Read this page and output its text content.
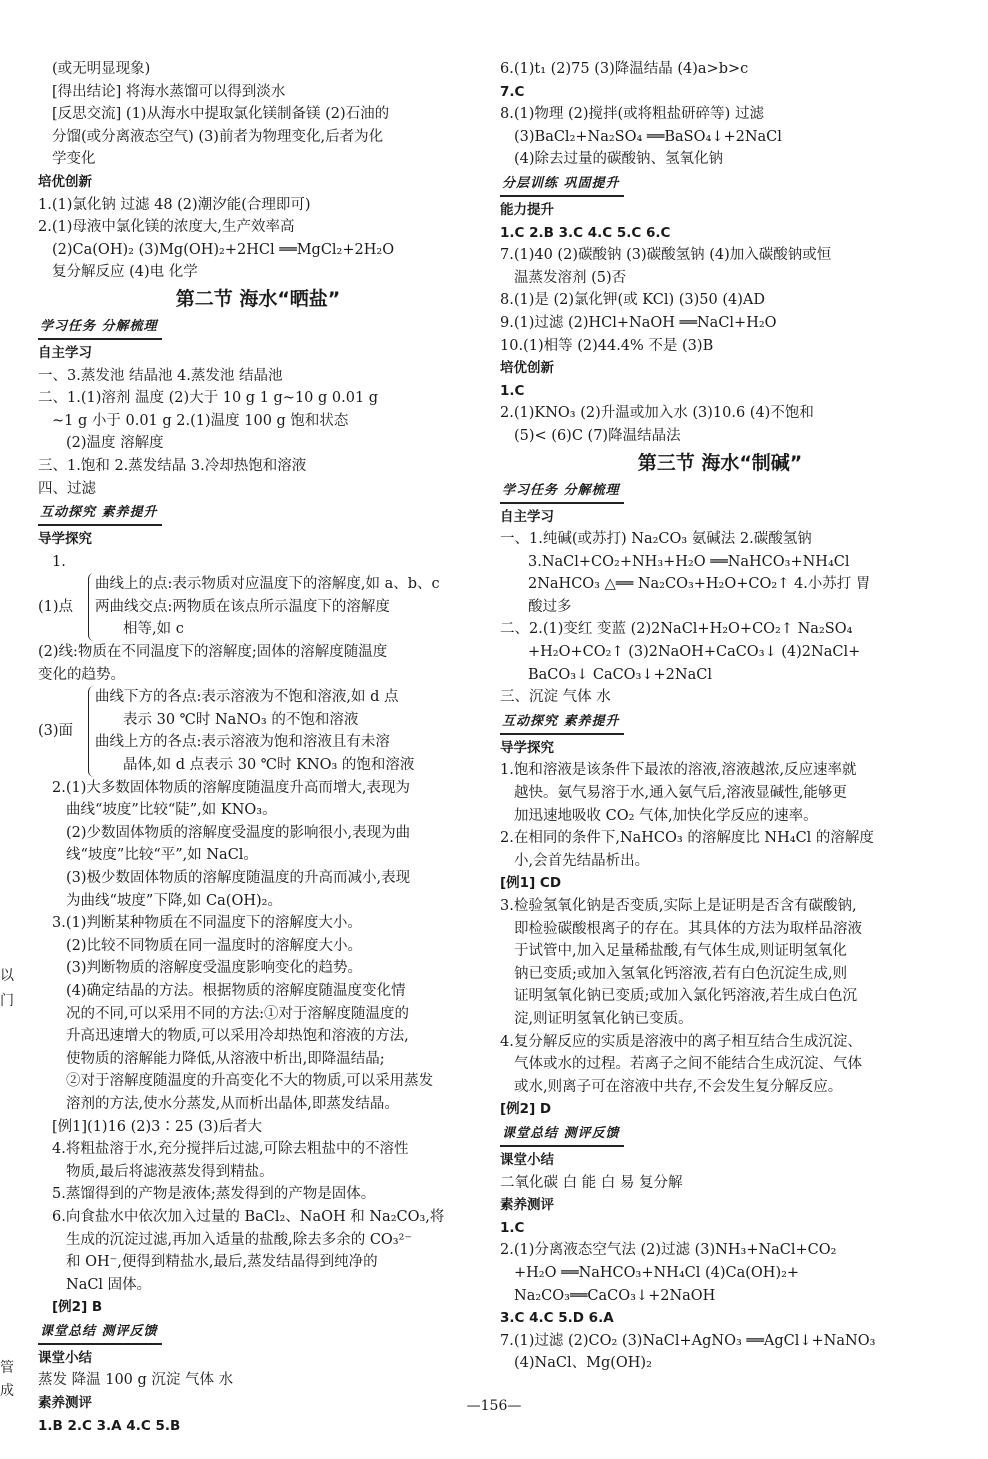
以
门
管
成
(或无明显现象)
[得出结论] 将海水蒸馏可以得到淡水
[反思交流] (1)从海水中提取氯化镁制备镁 (2)石油的
分馏(或分离液态空气) (3)前者为物理变化,后者为化
学变化
培优创新
1.(1)氯化钠 过滤 48 (2)潮汐能(合理即可)
2.(1)母液中氯化镁的浓度大,生产效率高
(2)Ca(OH)₂ (3)Mg(OH)₂+2HCl ══MgCl₂+2H₂O
复分解反应 (4)电 化学
第二节 海水“晒盐”
学习任务 分解梳理
自主学习
一、3.蒸发池 结晶池 4.蒸发池 结晶池
二、1.(1)溶剂 温度 (2)大于 10 g 1 g~10 g 0.01 g
~1 g 小于 0.01 g 2.(1)温度 100 g 饱和状态
(2)温度 溶解度
三、1.饱和 2.蒸发结晶 3.冷却热饱和溶液
四、过滤
互动探究 素养提升
导学探究
1.
(1)点
曲线上的点:表示物质对应温度下的溶解度,如 a、b、c
两曲线交点:两物质在该点所示温度下的溶解度
相等,如 c
(2)线:物质在不同温度下的溶解度;固体的溶解度随温度
变化的趋势。
(3)面
曲线下方的各点:表示溶液为不饱和溶液,如 d 点
表示 30 ℃时 NaNO₃ 的不饱和溶液
曲线上方的各点:表示溶液为饱和溶液且有未溶
晶体,如 d 点表示 30 ℃时 KNO₃ 的饱和溶液
2.(1)大多数固体物质的溶解度随温度升高而增大,表现为
曲线“坡度”比较“陡”,如 KNO₃。
(2)少数固体物质的溶解度受温度的影响很小,表现为曲
线“坡度”比较“平”,如 NaCl。
(3)极少数固体物质的溶解度随温度的升高而减小,表现
为曲线“坡度”下降,如 Ca(OH)₂。
3.(1)判断某种物质在不同温度下的溶解度大小。
(2)比较不同物质在同一温度时的溶解度大小。
(3)判断物质的溶解度受温度影响变化的趋势。
(4)确定结晶的方法。根据物质的溶解度随温度变化情
况的不同,可以采用不同的方法:①对于溶解度随温度的
升高迅速增大的物质,可以采用冷却热饱和溶液的方法,
使物质的溶解能力降低,从溶液中析出,即降温结晶;
②对于溶解度随温度的升高变化不大的物质,可以采用蒸发
溶剂的方法,使水分蒸发,从而析出晶体,即蒸发结晶。
[例1](1)16 (2)3∶25 (3)后者大
4.将粗盐溶于水,充分搅拌后过滤,可除去粗盐中的不溶性
物质,最后将滤液蒸发得到精盐。
5.蒸馏得到的产物是液体;蒸发得到的产物是固体。
6.向食盐水中依次加入过量的 BaCl₂、NaOH 和 Na₂CO₃,将
生成的沉淀过滤,再加入适量的盐酸,除去多余的 CO₃²⁻
和 OH⁻,便得到精盐水,最后,蒸发结晶得到纯净的
NaCl 固体。
[例2] B
课堂总结 测评反馈
课堂小结
蒸发 降温 100 g 沉淀 气体 水
素养测评
1.B 2.C 3.A 4.C 5.B
6.(1)t₁ (2)75 (3)降温结晶 (4)a>b>c
7.C
8.(1)物理 (2)搅拌(或将粗盐研碎等) 过滤
(3)BaCl₂+Na₂SO₄ ══BaSO₄↓+2NaCl
(4)除去过量的碳酸钠、氢氧化钠
分层训练 巩固提升
能力提升
1.C 2.B 3.C 4.C 5.C 6.C
7.(1)40 (2)碳酸钠 (3)碳酸氢钠 (4)加入碳酸钠或恒
温蒸发溶剂 (5)否
8.(1)是 (2)氯化钾(或 KCl) (3)50 (4)AD
9.(1)过滤 (2)HCl+NaOH ══NaCl+H₂O
10.(1)相等 (2)44.4% 不是 (3)B
培优创新
1.C
2.(1)KNO₃ (2)升温或加入水 (3)10.6 (4)不饱和
(5)< (6)C (7)降温结晶法
第三节 海水“制碱”
学习任务 分解梳理
自主学习
一、1.纯碱(或苏打) Na₂CO₃ 氨碱法 2.碳酸氢钠
3.NaCl+CO₂+NH₃+H₂O ══NaHCO₃+NH₄Cl
2NaHCO₃ △══ Na₂CO₃+H₂O+CO₂↑ 4.小苏打 胃
酸过多
二、2.(1)变红 变蓝 (2)2NaCl+H₂O+CO₂↑ Na₂SO₄
+H₂O+CO₂↑ (3)2NaOH+CaCO₃↓ (4)2NaCl+
BaCO₃↓ CaCO₃↓+2NaCl
三、沉淀 气体 水
互动探究 素养提升
导学探究
1.饱和溶液是该条件下最浓的溶液,溶液越浓,反应速率就
越快。氨气易溶于水,通入氨气后,溶液显碱性,能够更
加迅速地吸收 CO₂ 气体,加快化学反应的速率。
2.在相同的条件下,NaHCO₃ 的溶解度比 NH₄Cl 的溶解度
小,会首先结晶析出。
[例1] CD
3.检验氢氧化钠是否变质,实际上是证明是否含有碳酸钠,
即检验碳酸根离子的存在。其具体的方法为取样品溶液
于试管中,加入足量稀盐酸,有气体生成,则证明氢氧化
钠已变质;或加入氢氧化钙溶液,若有白色沉淀生成,则
证明氢氧化钠已变质;或加入氯化钙溶液,若生成白色沉
淀,则证明氢氧化钠已变质。
4.复分解反应的实质是溶液中的离子相互结合生成沉淀、
气体或水的过程。若离子之间不能结合生成沉淀、气体
或水,则离子可在溶液中共存,不会发生复分解反应。
[例2] D
课堂总结 测评反馈
课堂小结
二氧化碳 白 能 白 易 复分解
素养测评
1.C
2.(1)分离液态空气法 (2)过滤 (3)NH₃+NaCl+CO₂
+H₂O ══NaHCO₃+NH₄Cl (4)Ca(OH)₂+
Na₂CO₃══CaCO₃↓+2NaOH
3.C 4.C 5.D 6.A
7.(1)过滤 (2)CO₂ (3)NaCl+AgNO₃ ══AgCl↓+NaNO₃
(4)NaCl、Mg(OH)₂
—156—
